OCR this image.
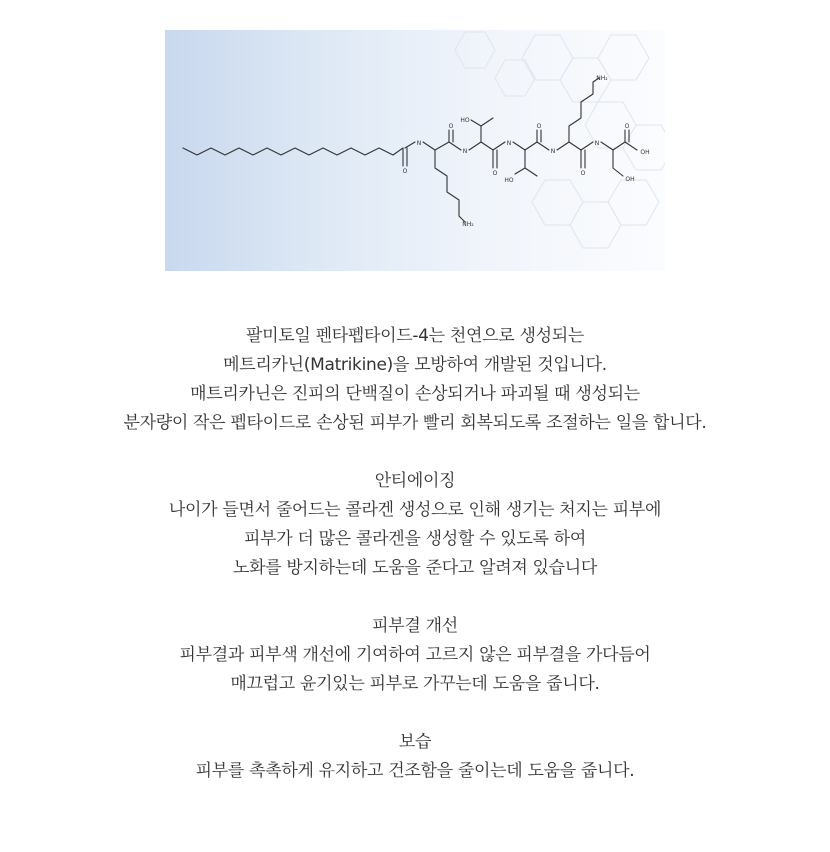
N
O
O
N
NH₂
HO
O
N
HO
O
N
NH₂
O
N
O
OH
OH
팔미토일 펜타펩타이드-4는 천연으로 생성되는
메트리카닌(Matrikine)을 모방하여 개발된 것입니다.
매트리카닌은 진피의 단백질이 손상되거나 파괴될 때 생성되는
분자량이 작은 펩타이드로 손상된 피부가 빨리 회복되도록 조절하는 일을 합니다.
안티에이징
나이가 들면서 줄어드는 콜라겐 생성으로 인해 생기는 처지는 피부에
피부가 더 많은 콜라겐을 생성할 수 있도록 하여
노화를 방지하는데 도움을 준다고 알려져 있습니다
피부결 개선
피부결과 피부색 개선에 기여하여 고르지 않은 피부결을 가다듬어
매끄럽고 윤기있는 피부로 가꾸는데 도움을 줍니다.
보습
피부를 촉촉하게 유지하고 건조함을 줄이는데 도움을 줍니다.
